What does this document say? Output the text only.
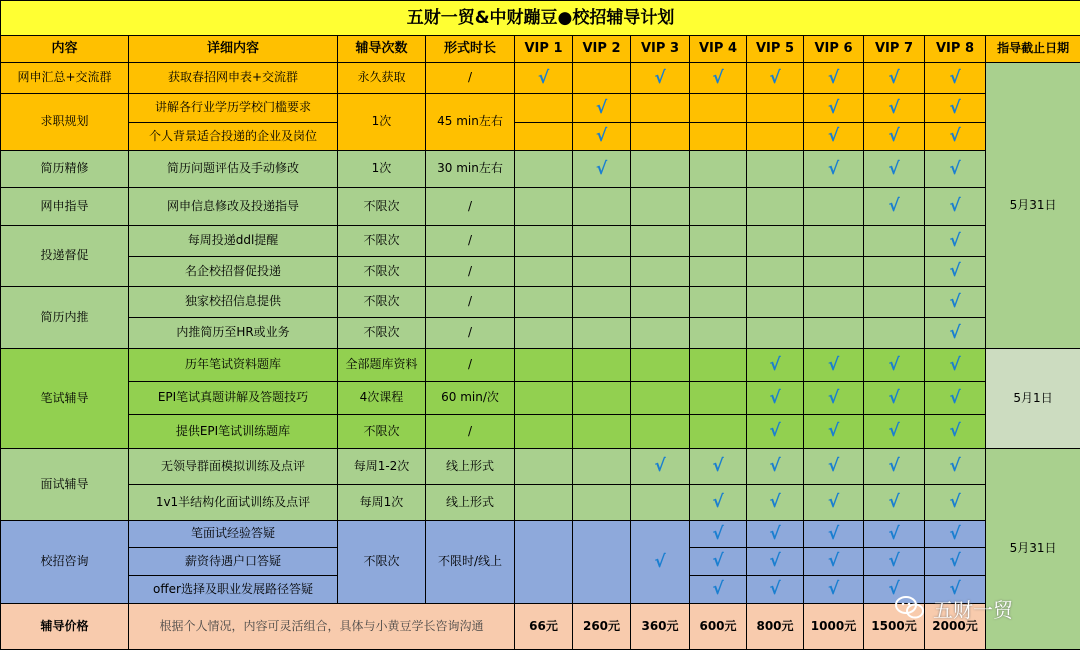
五财一贸&中财蹦豆●校招辅导计划												
内容	详细内容	辅导次数	形式时长	VIP 1	VIP 2	VIP 3	VIP 4	VIP 5	VIP 6	VIP 7	VIP 8	指导截止日期
网申汇总+交流群	获取春招网申表+交流群	永久获取	/	√		√	√	√	√	√	√	5月31日
求职规划	讲解各行业学历学校门槛要求	1次	45 min左右		√				√	√	√	
	个人背景适合投递的企业及岗位				√				√	√	√	
简历精修	简历问题评估及手动修改	1次	30 min左右		√				√	√	√	
网申指导	网申信息修改及投递指导	不限次	/							√	√	
投递督促	每周投递ddl提醒	不限次	/								√	
	名企校招督促投递	不限次	/								√	
简历内推	独家校招信息提供	不限次	/								√	
	内推简历至HR或业务	不限次	/								√	
笔试辅导	历年笔试资料题库	全部题库资料	/					√	√	√	√	5月1日
	EPI笔试真题讲解及答题技巧	4次课程	60 min/次					√	√	√	√	
	提供EPI笔试训练题库	不限次	/					√	√	√	√	
面试辅导	无领导群面模拟训练及点评	每周1-2次	线上形式			√	√	√	√	√	√	5月31日
	1v1半结构化面试训练及点评	每周1次	线上形式				√	√	√	√	√	
校招咨询	笔面试经验答疑	不限次	不限时/线上			√	√	√	√	√	√	
	薪资待遇户口答疑						√	√	√	√	√	
	offer选择及职业发展路径答疑						√	√	√	√	√	
辅导价格	根据个人情况，内容可灵活组合，具体与小黄豆学长咨询沟通			66元	260元	360元	600元	800元	1000元	1500元	2000元	
五财一贸
